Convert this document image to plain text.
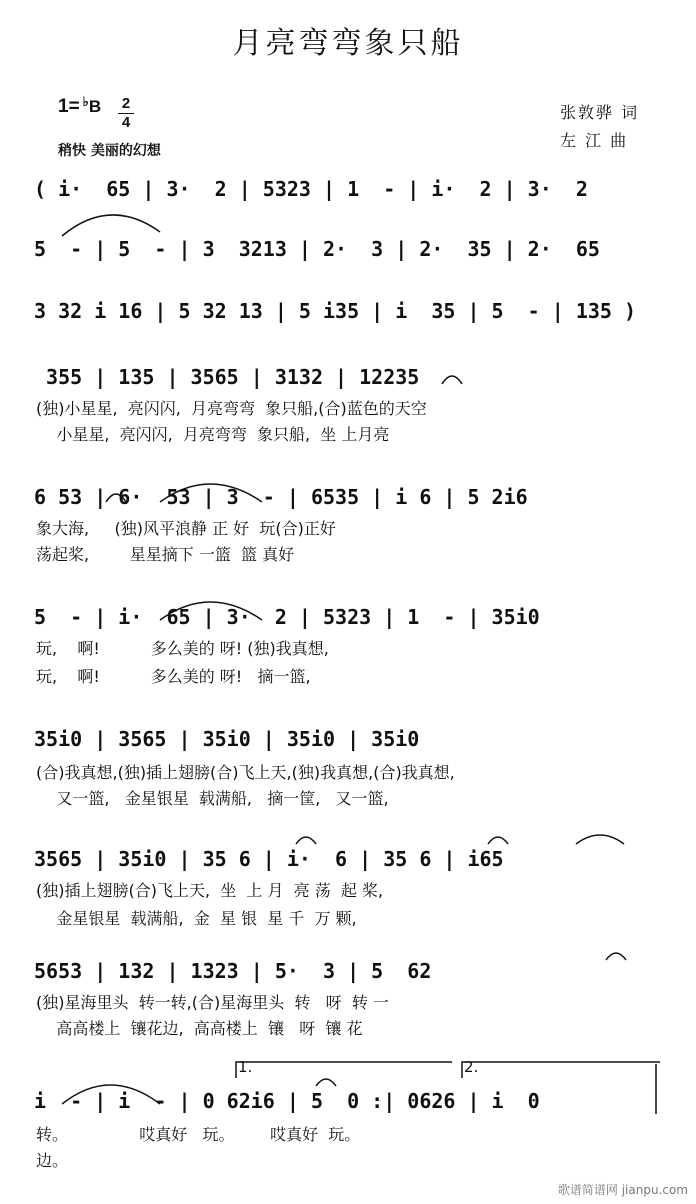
月亮弯弯象只船
1= ♭B 2
4
稍快 美丽的幻想
张敦骅 词
左 江 曲
( i·  65 | 3·  2 | 5323 | 1  - | i·  2 | 3·  2
5  - | 5  - | 3  3213 | 2·  3 | 2·  35 | 2·  65
3 32 i 16 | 5 32 13 | 5 i35 | i  35 | 5  - | 135 )
355 | 135 | 3565 | 3132 | 12235
(独)小星星,  亮闪闪,  月亮弯弯  象只船,(合)蓝色的天空
小星星,  亮闪闪,  月亮弯弯  象只船,  坐 上月亮
6 53 | 6·  53 | 3  - | 6535 | i 6 | 5 2i6
象大海,     (独)风平浪静 正 好  玩(合)正好
荡起桨,        星星摘下 一篮  篮 真好
5  - | i·  65 | 3·  2 | 5323 | 1  - | 35i0
玩,    啊!          多么美的 呀! (独)我真想,
玩,    啊!          多么美的 呀!   摘一篮,
35i0 | 3565 | 35i0 | 35i0 | 35i0
(合)我真想,(独)插上翅膀(合)飞上天,(独)我真想,(合)我真想,
又一篮,   金星银星  载满船,   摘一筐,   又一篮,
3565 | 35i0 | 35 6 | i·  6 | 35 6 | i65
(独)插上翅膀(合)飞上天,  坐  上 月  亮 荡  起 桨,
金星银星  载满船,  金  星 银  星 千  万 颗,
5653 | 132 | 1323 | 5·  3 | 5  62
(独)星海里头  转一转,(合)星海里头  转   呀  转 一
高高楼上  镶花边,  高高楼上  镶   呀  镶 花
1.	2.
i  - | i  - | 0 62i6 | 5  0 :| 0626 | i  0
转。              哎真好   玩。       哎真好  玩。
边。
歌谱简谱网 jianpu.com
